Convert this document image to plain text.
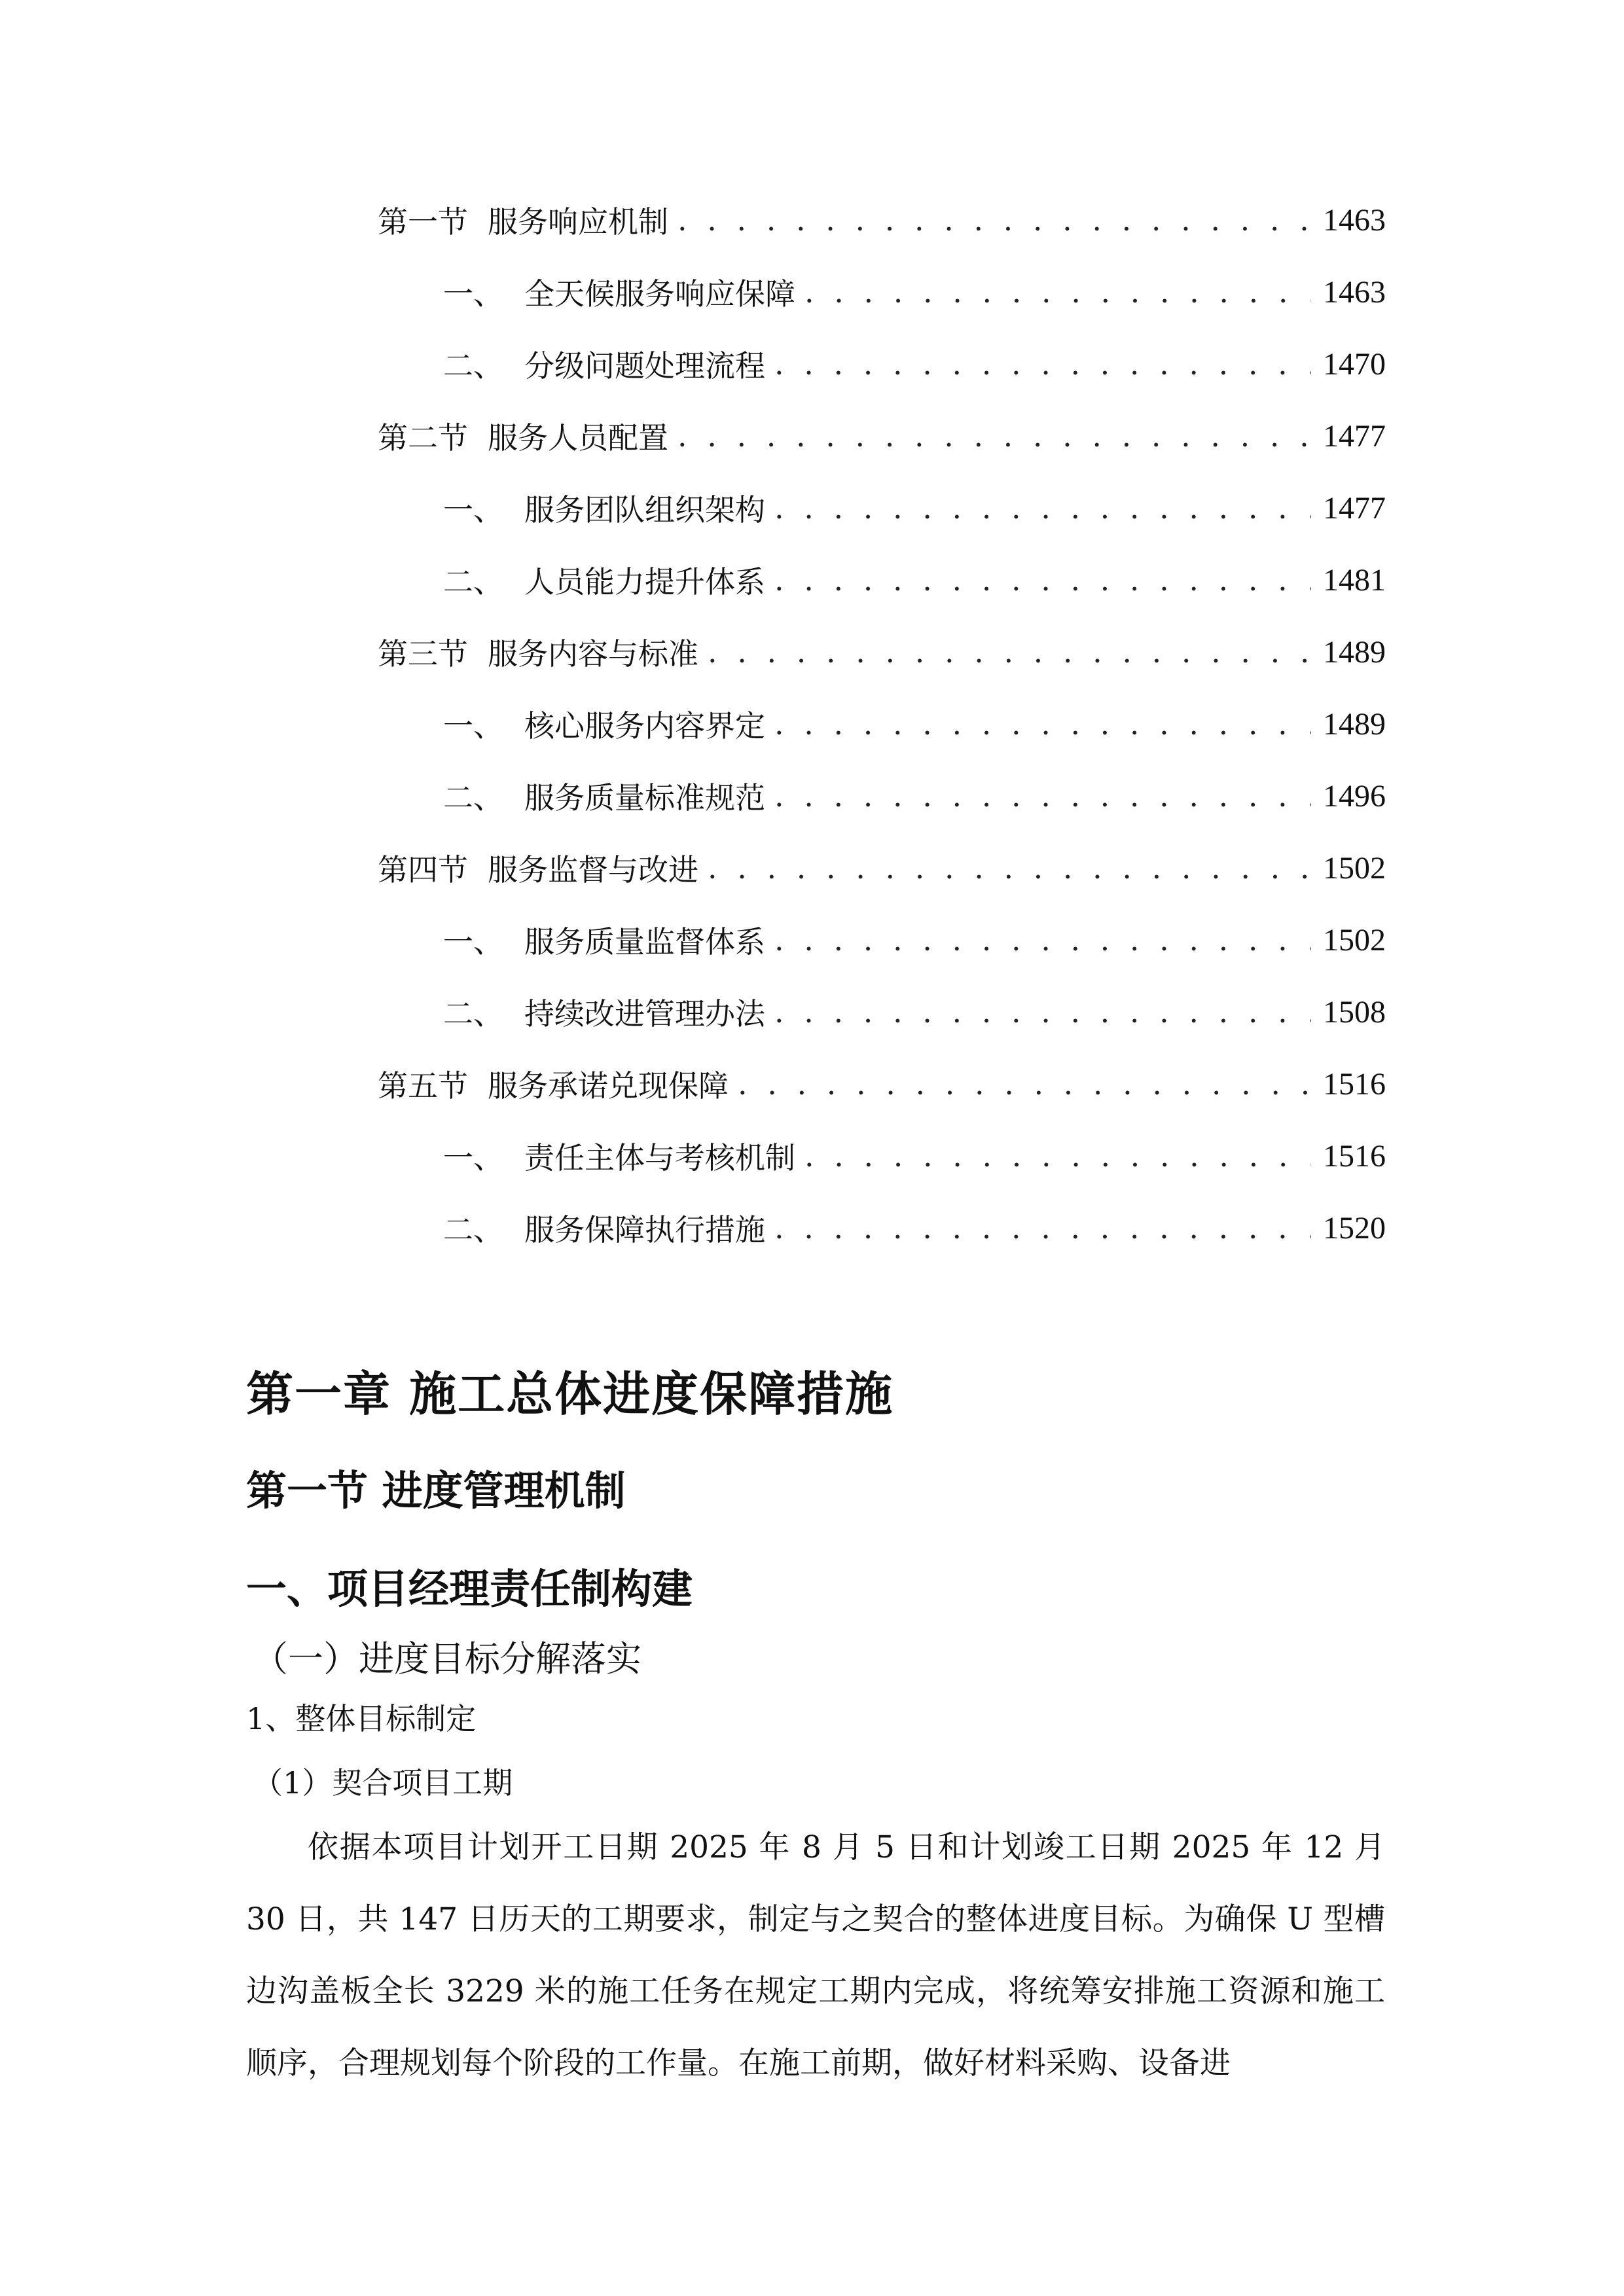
第一节 服务响应机制 . . .	1463
一、 全天候服务响应保障 . . .	1463
二、 分级问题处理流程 . . .	1470
第二节 服务人员配置 . . .	1477
一、 服务团队组织架构 . . .	1477
二、 人员能力提升体系 . . .	1481
第三节 服务内容与标准 . . .	1489
一、 核心服务内容界定 . . .	1489
二、 服务质量标准规范 . . .	1496
第四节 服务监督与改进 . . .	1502
一、 服务质量监督体系 . . .	1502
二、 持续改进管理办法 . . .	1508
第五节 服务承诺兑现保障 . . .	1516
一、 责任主体与考核机制 . . .	1516
二、 服务保障执行措施 . . .	1520
第一章 施工总体进度保障措施
第一节 进度管理机制
一、项目经理责任制构建
（一）进度目标分解落实
1、整体目标制定
（1）契合项目工期
依据本项目计划开工日期 2025 年 8 月 5 日和计划竣工日期 2025 年 12 月 30 日，共 147 日历天的工期要求，制定与之契合的整体进度目标。为确保 U 型槽边沟盖板全长 3229 米的施工任务在规定工期内完成，将统筹安排施工资源和施工顺序，合理规划每个阶段的工作量。在施工前期，做好材料采购、设备进
